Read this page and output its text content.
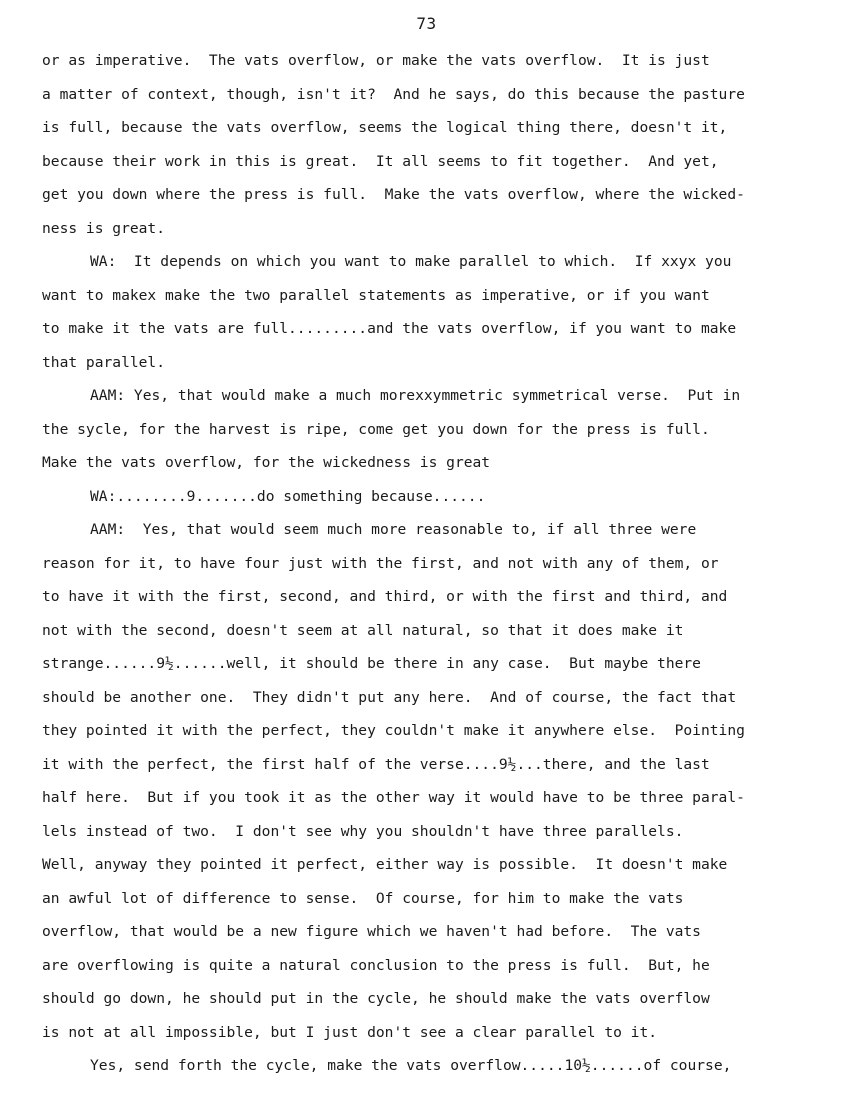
73
or as imperative.  The vats overflow, or make the vats overflow.  It is just
a matter of context, though, isn't it?  And he says, do this because the pasture
is full, because the vats overflow, seems the logical thing there, doesn't it,
because their work in this is great.  It all seems to fit together.  And yet,
get you down where the press is full.  Make the vats overflow, where the wicked-
ness is great.
WA:  It depends on which you want to make parallel to which.  If xxyx you
want to makex make the two parallel statements as imperative, or if you want
to make it the vats are full.........and the vats overflow, if you want to make
that parallel.
AAM: Yes, that would make a much morexxymmetric symmetrical verse.  Put in
the sycle, for the harvest is ripe, come get you down for the press is full.
Make the vats overflow, for the wickedness is great
WA:........9.......do something because......
AAM:  Yes, that would seem much more reasonable to, if all three were
reason for it, to have four just with the first, and not with any of them, or
to have it with the first, second, and third, or with the first and third, and
not with the second, doesn't seem at all natural, so that it does make it
strange......9½......well, it should be there in any case.  But maybe there
should be another one.  They didn't put any here.  And of course, the fact that
they pointed it with the perfect, they couldn't make it anywhere else.  Pointing
it with the perfect, the first half of the verse....9½...there, and the last
half here.  But if you took it as the other way it would have to be three paral-
lels instead of two.  I don't see why you shouldn't have three parallels.
Well, anyway they pointed it perfect, either way is possible.  It doesn't make
an awful lot of difference to sense.  Of course, for him to make the vats
overflow, that would be a new figure which we haven't had before.  The vats
are overflowing is quite a natural conclusion to the press is full.  But, he
should go down, he should put in the cycle, he should make the vats overflow
is not at all impossible, but I just don't see a clear parallel to it.
Yes, send forth the cycle, make the vats overflow.....10½......of course,
